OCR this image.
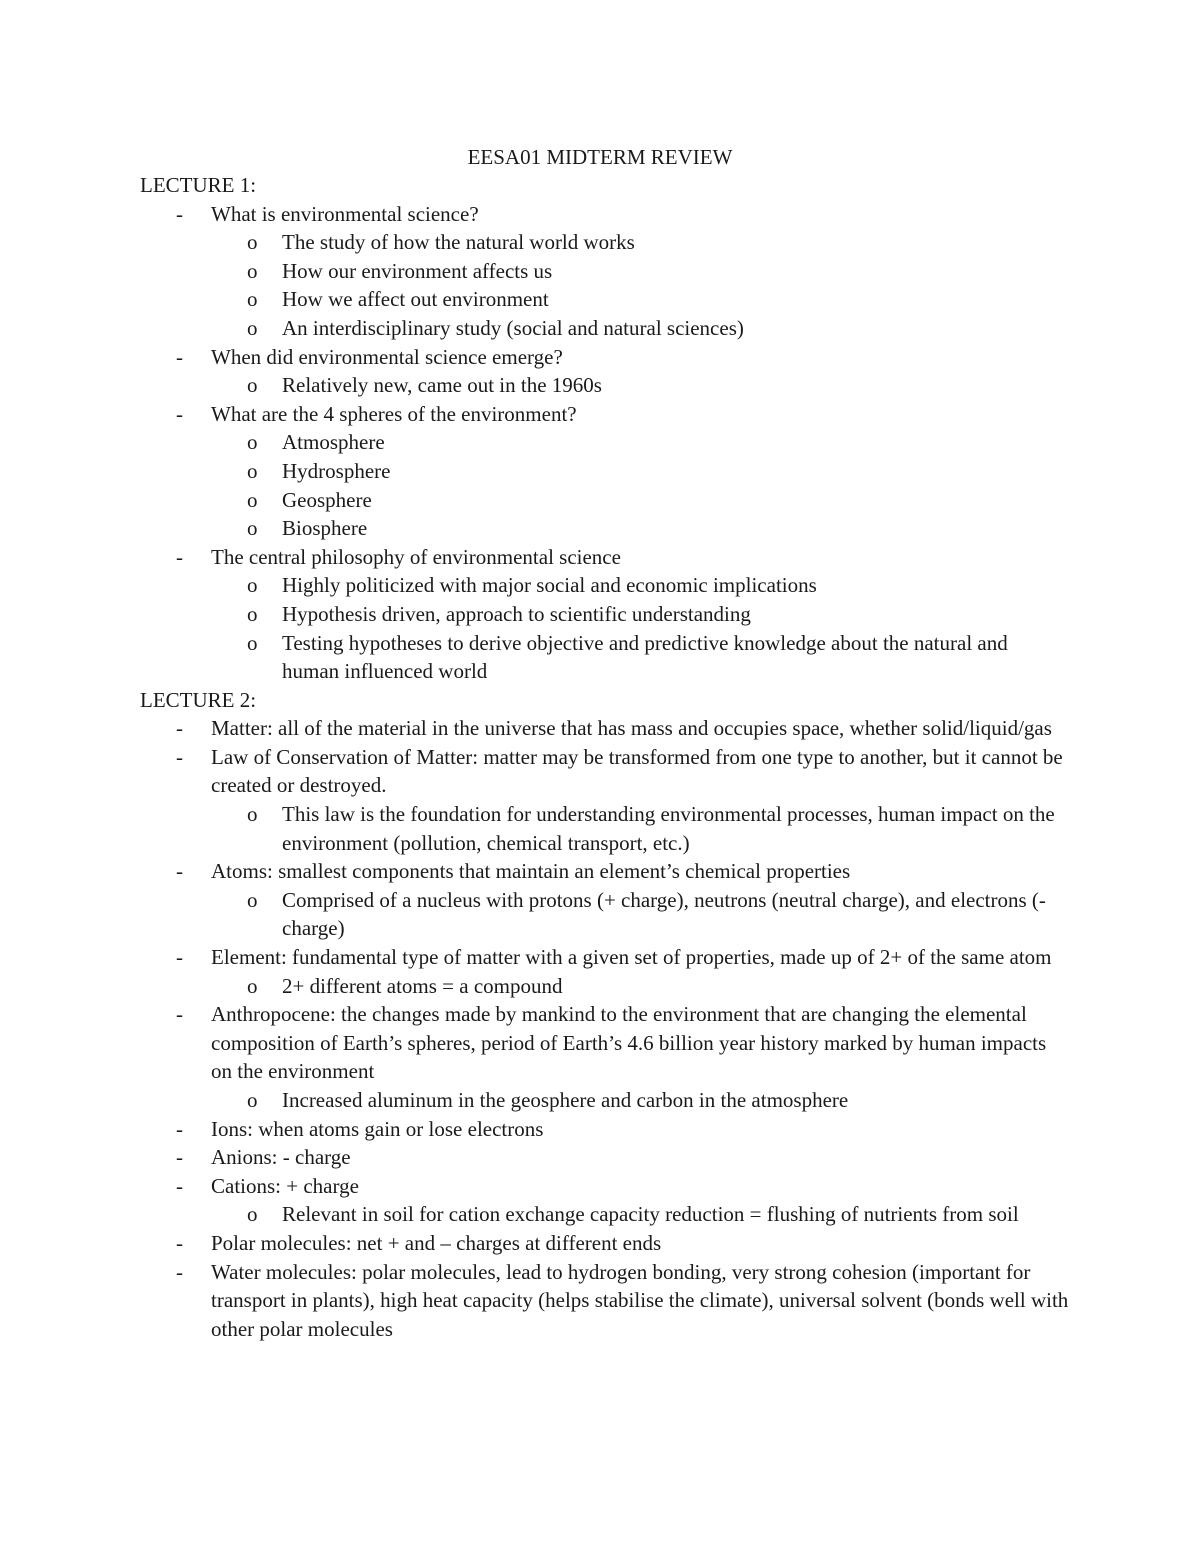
EESA01 MIDTERM REVIEW

LECTURE 1:

- What is environmental science?

o The study of how the natural world works

o How our environment affects us

o How we affect out environment

o An interdisciplinary study (social and natural sciences)

- When did environmental science emerge?

o Relatively new, came out in the 1960s

- What are the 4 spheres of the environment?

o Atmosphere

o Hydrosphere

o Geosphere

o Biosphere

- The central philosophy of environmental science

o Highly politicized with major social and economic implications

o Hypothesis driven, approach to scientific understanding

o Testing hypotheses to derive objective and predictive knowledge about the natural and human influenced world

LECTURE 2:

- Matter: all of the material in the universe that has mass and occupies space, whether solid/liquid/gas

- Law of Conservation of Matter: matter may be transformed from one type to another, but it cannot be created or destroyed.

o This law is the foundation for understanding environmental processes, human impact on the environment (pollution, chemical transport, etc.)

- Atoms: smallest components that maintain an element’s chemical properties

o Comprised of a nucleus with protons (+ charge), neutrons (neutral charge), and electrons (- charge)

- Element: fundamental type of matter with a given set of properties, made up of 2+ of the same atom

o 2+ different atoms = a compound

- Anthropocene: the changes made by mankind to the environment that are changing the elemental composition of Earth’s spheres, period of Earth’s 4.6 billion year history marked by human impacts on the environment

o Increased aluminum in the geosphere and carbon in the atmosphere

- Ions: when atoms gain or lose electrons

- Anions: - charge

- Cations: + charge

o Relevant in soil for cation exchange capacity reduction = flushing of nutrients from soil

- Polar molecules: net + and – charges at different ends

- Water molecules: polar molecules, lead to hydrogen bonding, very strong cohesion (important for transport in plants), high heat capacity (helps stabilise the climate), universal solvent (bonds well with other polar molecules
